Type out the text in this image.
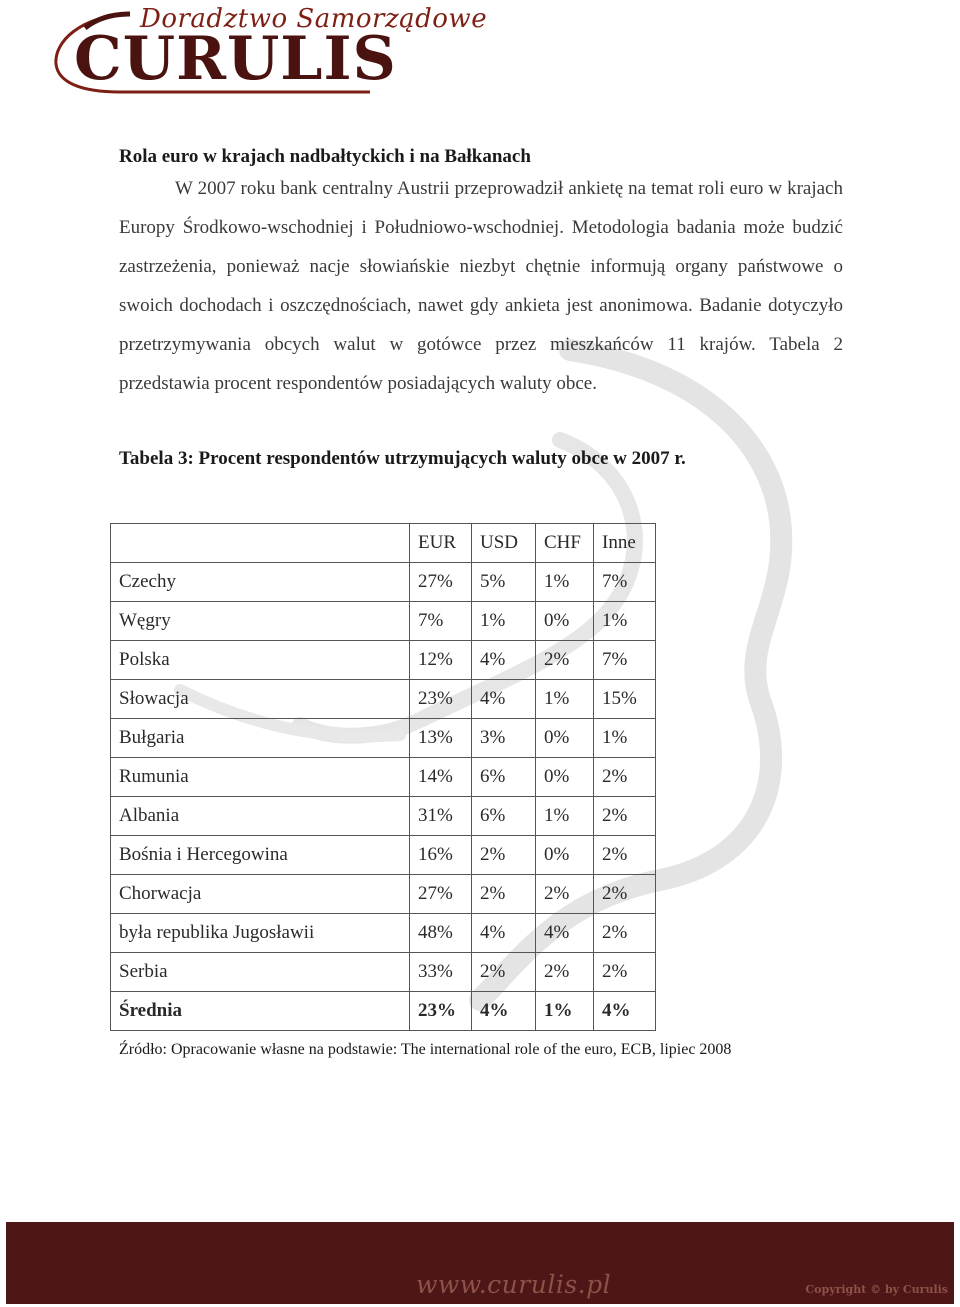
Doradztwo Samorządowe
CURULIS
Rola euro w krajach nadbałtyckich i na Bałkanach

W 2007 roku bank centralny Austrii przeprowadził ankietę na temat roli euro w krajach Europy Środkowo-wschodniej i Południowo-wschodniej. Metodologia badania może budzić zastrzeżenia, ponieważ nacje słowiańskie niezbyt chętnie informują organy państwowe o swoich dochodach i oszczędnościach, nawet gdy ankieta jest anonimowa. Badanie dotyczyło przetrzymywania obcych walut w gotówce przez mieszkańców 11 krajów. Tabela 2 przedstawia procent respondentów posiadających waluty obce.

Tabela 3: Procent respondentów utrzymujących waluty obce w 2007 r.

	EUR	USD	CHF	Inne
Czechy	27%	5%	1%	7%
Węgry	7%	1%	0%	1%
Polska	12%	4%	2%	7%
Słowacja	23%	4%	1%	15%
Bułgaria	13%	3%	0%	1%
Rumunia	14%	6%	0%	2%
Albania	31%	6%	1%	2%
Bośnia i Hercegowina	16%	2%	0%	2%
Chorwacja	27%	2%	2%	2%
była republika Jugosławii	48%	4%	4%	2%
Serbia	33%	2%	2%	2%
Średnia	23%	4%	1%	4%
Źródło: Opracowanie własne na podstawie: The international role of the euro, ECB, lipiec 2008
www.curulis.pl	Copyright © by Curulis
